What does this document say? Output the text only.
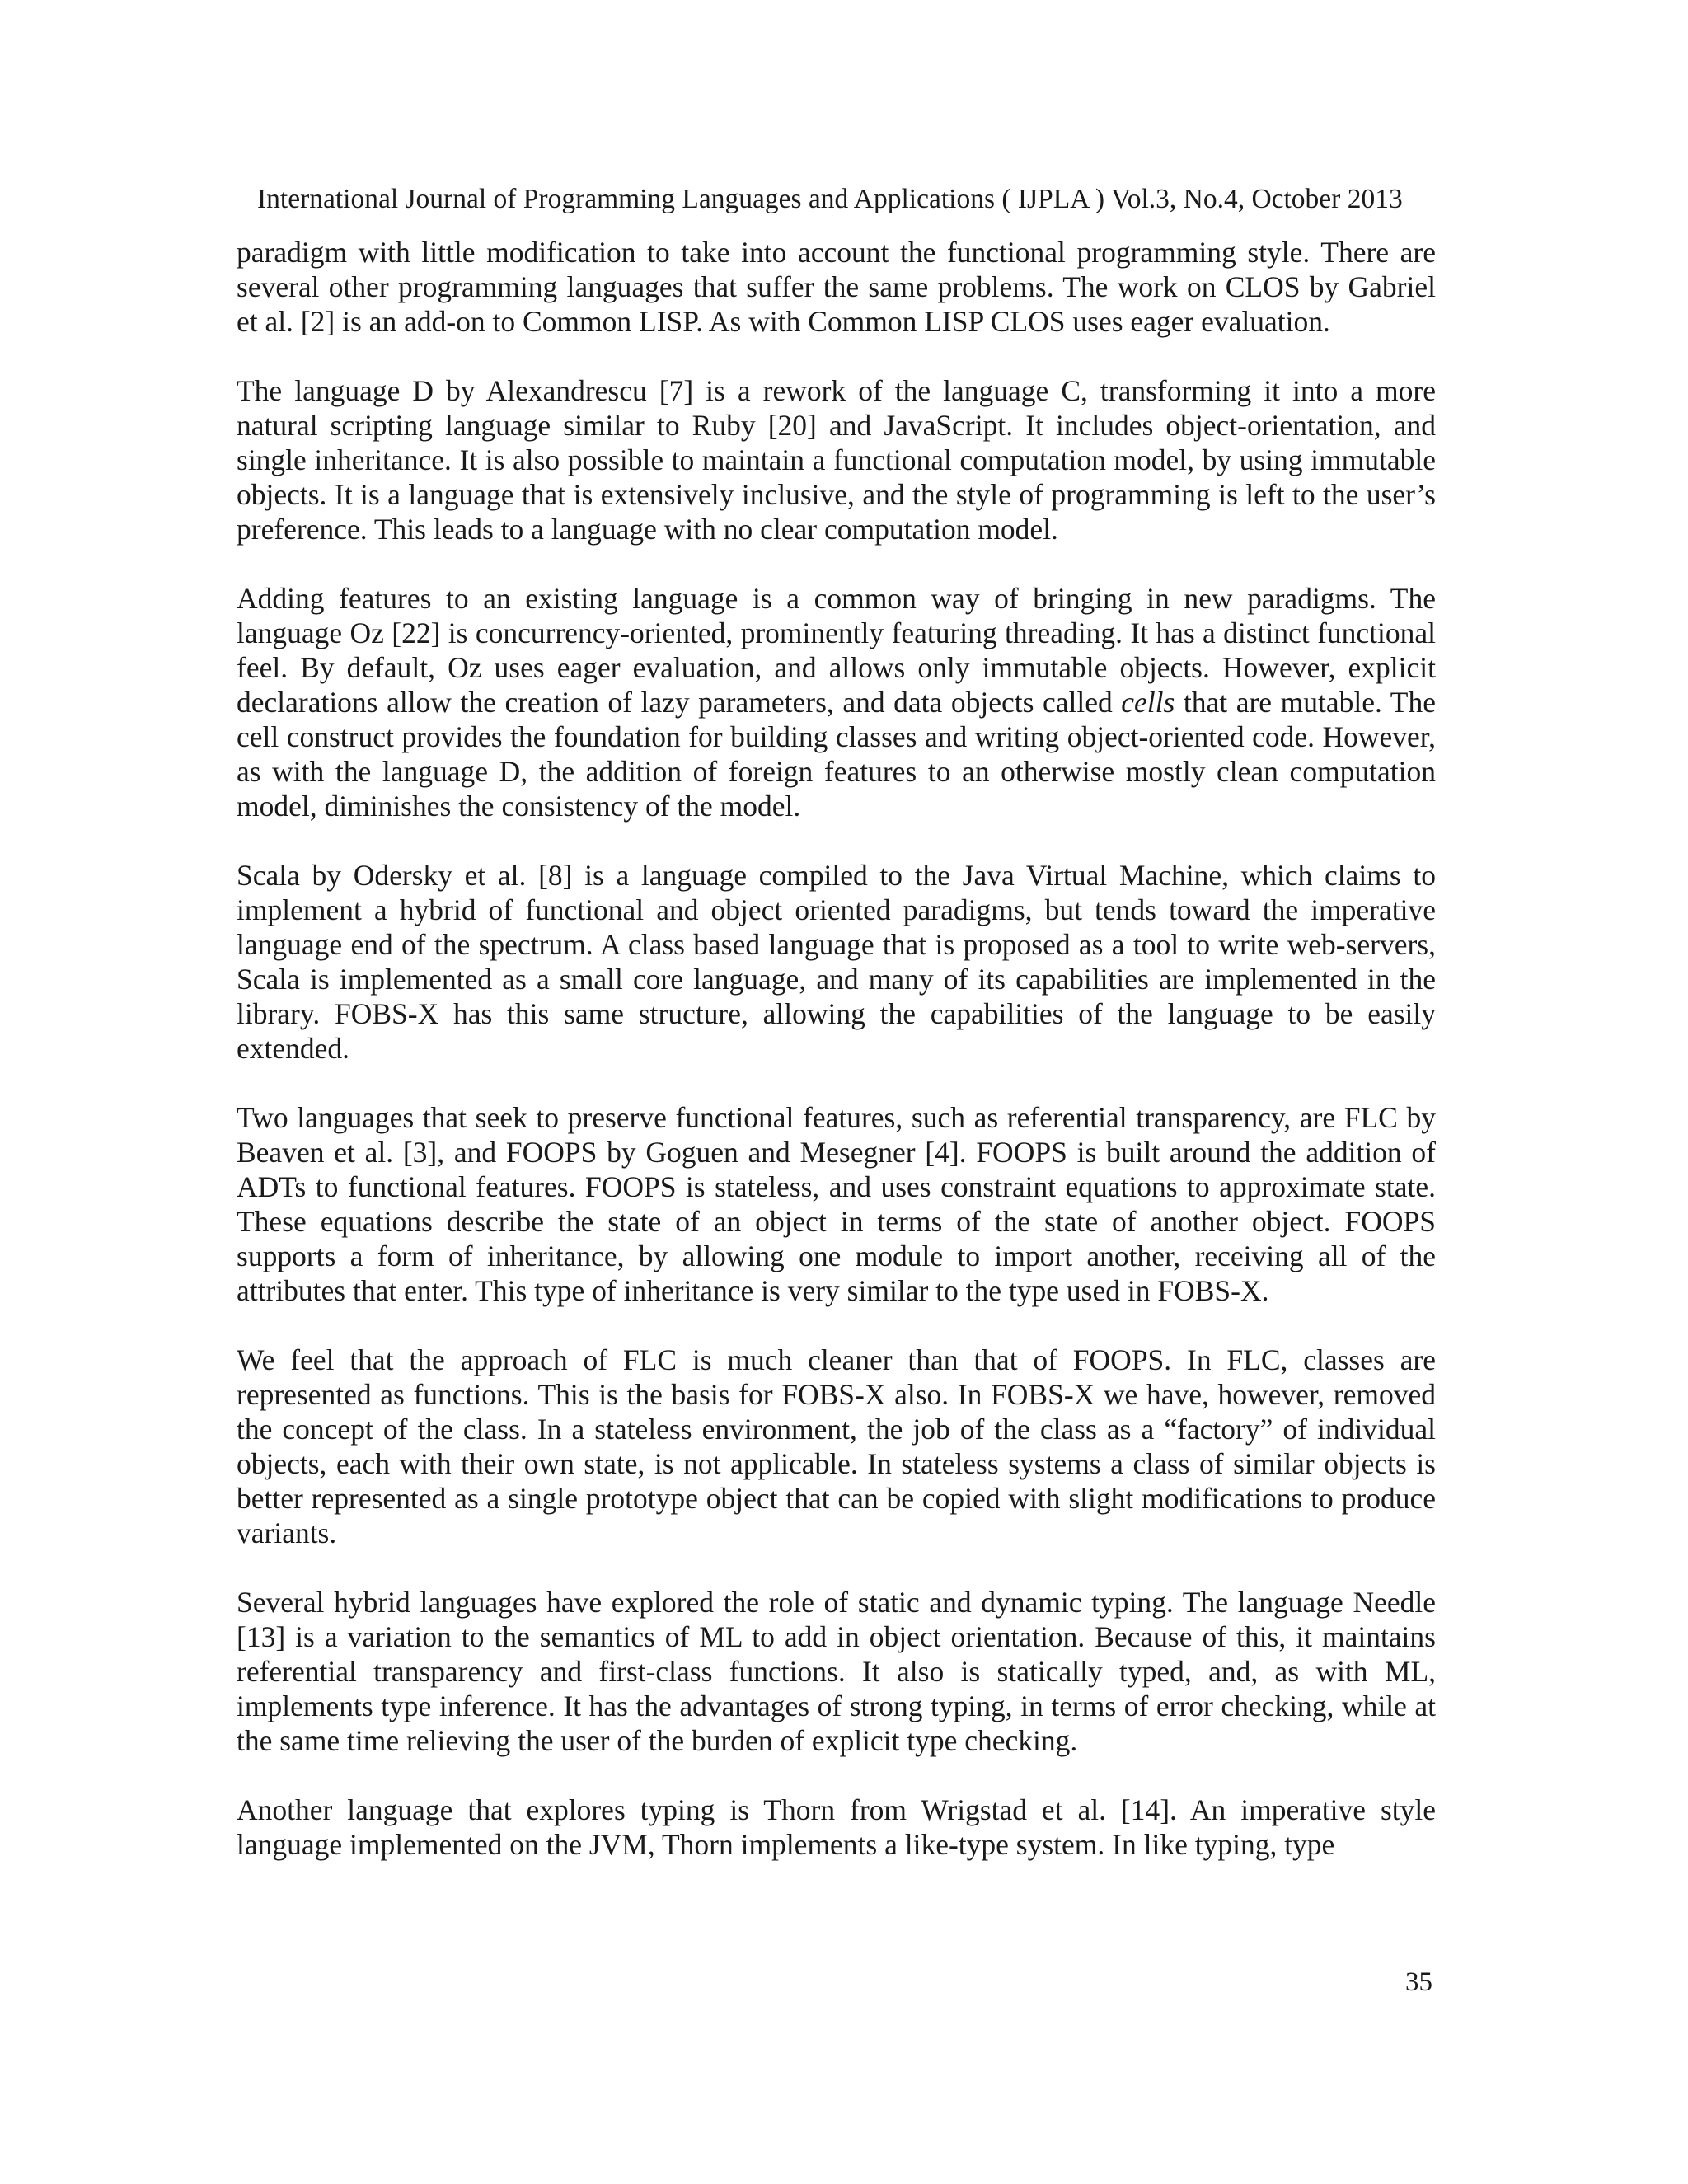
International Journal of Programming Languages and Applications ( IJPLA ) Vol.3, No.4, October 2013

paradigm with little modification to take into account the functional programming style. There are several other programming languages that suffer the same problems. The work on CLOS by Gabriel et al. [2] is an add-on to Common LISP. As with Common LISP CLOS uses eager evaluation.

The language D by Alexandrescu [7] is a rework of the language C, transforming it into a more natural scripting language similar to Ruby [20] and JavaScript. It includes object-orientation, and single inheritance. It is also possible to maintain a functional computation model, by using immutable objects. It is a language that is extensively inclusive, and the style of programming is left to the user’s preference. This leads to a language with no clear computation model.

Adding features to an existing language is a common way of bringing in new paradigms. The language Oz [22] is concurrency-oriented, prominently featuring threading. It has a distinct functional feel. By default, Oz uses eager evaluation, and allows only immutable objects. However, explicit declarations allow the creation of lazy parameters, and data objects called cells that are mutable. The cell construct provides the foundation for building classes and writing object-oriented code. However, as with the language D, the addition of foreign features to an otherwise mostly clean computation model, diminishes the consistency of the model.

Scala by Odersky et al. [8] is a language compiled to the Java Virtual Machine, which claims to implement a hybrid of functional and object oriented paradigms, but tends toward the imperative language end of the spectrum. A class based language that is proposed as a tool to write web-servers, Scala is implemented as a small core language, and many of its capabilities are implemented in the library. FOBS-X has this same structure, allowing the capabilities of the language to be easily extended.

Two languages that seek to preserve functional features, such as referential transparency, are FLC by Beaven et al. [3], and FOOPS by Goguen and Mesegner [4]. FOOPS is built around the addition of ADTs to functional features. FOOPS is stateless, and uses constraint equations to approximate state. These equations describe the state of an object in terms of the state of another object. FOOPS supports a form of inheritance, by allowing one module to import another, receiving all of the attributes that enter. This type of inheritance is very similar to the type used in FOBS-X.

We feel that the approach of FLC is much cleaner than that of FOOPS. In FLC, classes are represented as functions. This is the basis for FOBS-X also. In FOBS-X we have, however, removed the concept of the class. In a stateless environment, the job of the class as a “factory” of individual objects, each with their own state, is not applicable. In stateless systems a class of similar objects is better represented as a single prototype object that can be copied with slight modifications to produce variants.

Several hybrid languages have explored the role of static and dynamic typing. The language Needle [13] is a variation to the semantics of ML to add in object orientation. Because of this, it maintains referential transparency and first-class functions. It also is statically typed, and, as with ML, implements type inference. It has the advantages of strong typing, in terms of error checking, while at the same time relieving the user of the burden of explicit type checking.

Another language that explores typing is Thorn from Wrigstad et al. [14]. An imperative style language implemented on the JVM, Thorn implements a like-type system. In like typing, type

35
